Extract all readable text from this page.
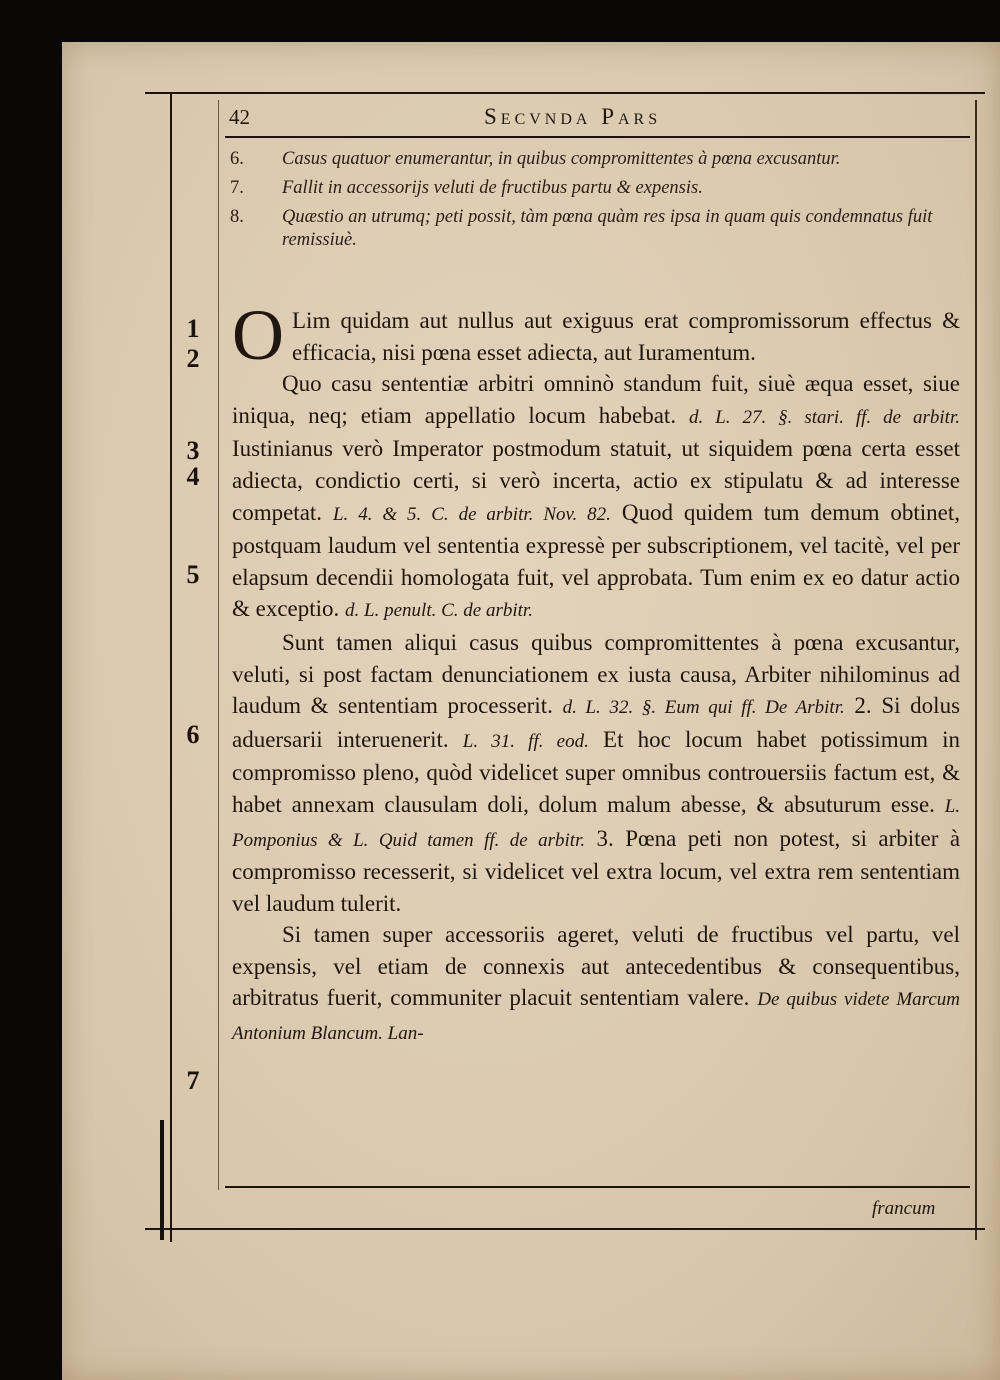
42	Secvnda Pars
6.	Casus quatuor enumerantur, in quibus compromittentes à pœna excusantur.
7.	Fallit in accessorijs veluti de fructibus partu & expensis.
8.	Quæstio an utrumq; peti possit, tàm pœna quàm res ipsa in quam quis condemnatus fuit remissiuè.
1
2
3
4
5
6
7

O Lim quidam aut nullus aut exiguus erat compromissorum effectus & efficacia, nisi pœna esset adiecta, aut Iuramentum.

Quo casu sententiæ arbitri omninò standum fuit, siuè æqua esset, siue iniqua, neq; etiam appellatio locum habebat. d. L. 27. §. stari. ff. de arbitr. Iustinianus verò Imperator postmodum statuit, ut siquidem pœna certa esset adiecta, condictio certi, si verò incerta, actio ex stipulatu & ad interesse competat. L. 4. & 5. C. de arbitr. Nov. 82. Quod quidem tum demum obtinet, postquam laudum vel sententia expressè per subscriptionem, vel tacitè, vel per elapsum decendii homologata fuit, vel approbata. Tum enim ex eo datur actio & exceptio. d. L. penult. C. de arbitr.

Sunt tamen aliqui casus quibus compromittentes à pœna excusantur, veluti, si post factam denunciationem ex iusta causa, Arbiter nihilominus ad laudum & sententiam processerit. d. L. 32. §. Eum qui ff. De Arbitr. 2. Si dolus aduersarii interuenerit. L. 31. ff. eod. Et hoc locum habet potissimum in compromisso pleno, quòd videlicet super omnibus controuersiis factum est, & habet annexam clausulam doli, dolum malum abesse, & absuturum esse. L. Pomponius & L. Quid tamen ff. de arbitr. 3. Pœna peti non potest, si arbiter à compromisso recesserit, si videlicet vel extra locum, vel extra rem sententiam vel laudum tulerit.

Si tamen super accessoriis ageret, veluti de fructibus vel partu, vel expensis, vel etiam de connexis aut antecedentibus & consequentibus, arbitratus fuerit, communiter placuit sententiam valere. De quibus videte Marcum Antonium Blancum. Lan-

francum
